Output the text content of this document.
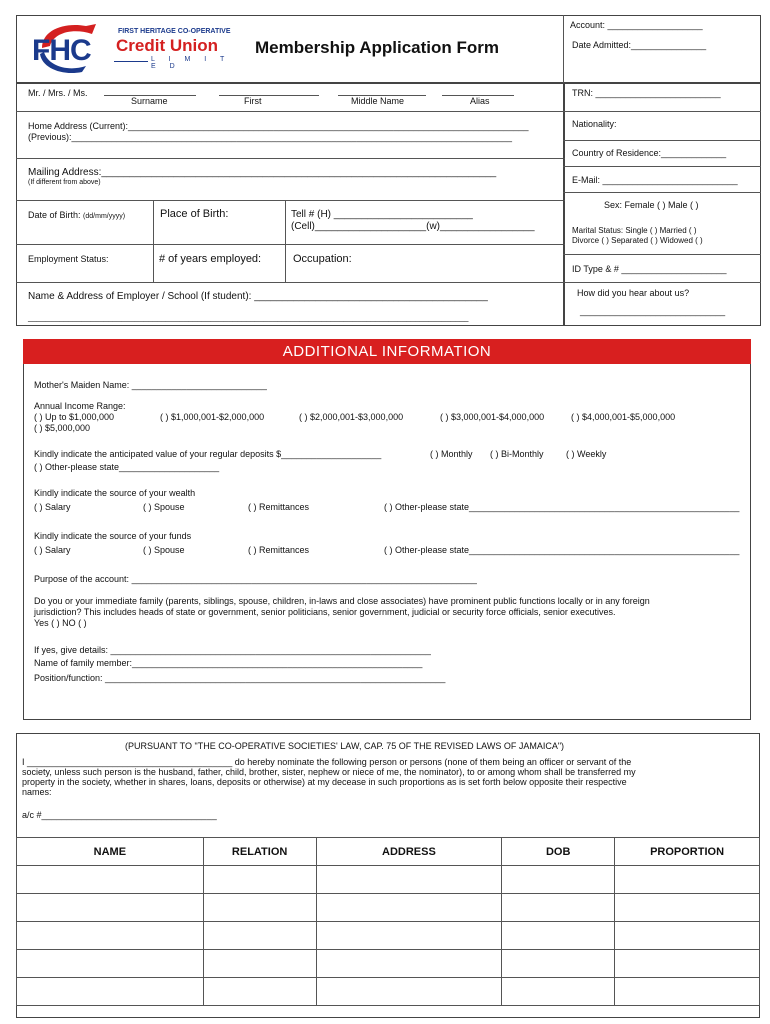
FHC
FIRST HERITAGE CO-OPERATIVE
Credit Union
L I M I T E D
Membership Application Form
Account: ___________________
Date Admitted:_______________
Mr. / Mrs. / Ms.
Surname	First	Middle Name	Alias
Home Address (Current):________________________________________________________________________________
(Previous):________________________________________________________________________________________
Mailing Address:_______________________________________________________________________
(If different from above)
Date of Birth: (dd/mm/yyyy)	Place of Birth:	Tell # (H) _________________________
(Cell)____________________(w)_________________
Employment Status:	# of years employed:	Occupation:
Name & Address of Employer / School (If student): __________________________________________
___________________________________________________________________________________________________
TRN: _________________________
Nationality:
Country of Residence:_____________
E-Mail: ___________________________
Sex: Female ( ) Male ( )
Marital Status: Single ( ) Married ( )
Divorce ( ) Separated ( ) Widowed ( )
ID Type & # _____________________
How did you hear about us?
_____________________________
ADDITIONAL INFORMATION
Mother's Maiden Name: ___________________________
Annual Income Range:
( ) Up to $1,000,000	( ) $1,000,001-$2,000,000	( ) $2,000,001-$3,000,000	( ) $3,000,001-$4,000,000	( ) $4,000,001-$5,000,000
( ) $5,000,000
Kindly indicate the anticipated value of your regular deposits $____________________	( ) Monthly ( ) Bi-Monthly ( ) Weekly
( ) Other-please state____________________
Kindly indicate the source of your wealth
( ) Salary	( ) Spouse	( ) Remittances	( ) Other-please state______________________________________________________
Kindly indicate the source of your funds
( ) Salary	( ) Spouse	( ) Remittances	( ) Other-please state______________________________________________________
Purpose of the account: _____________________________________________________________________
Do you or your immediate family (parents, siblings, spouse, children, in-laws and close associates) have prominent public functions locally or in any foreign
jurisdiction? This includes heads of state or government, senior politicians, senior government, judicial or security force officials, senior executives.
Yes ( ) NO ( )
If yes, give details: ________________________________________________________________
Name of family member:__________________________________________________________
Position/function: ____________________________________________________________________
(PURSUANT TO "THE CO-OPERATIVE SOCIETIES' LAW, CAP. 75 OF THE REVISED LAWS OF JAMAICA")
I _________________________________________ do hereby nominate the following person or persons (none of them being an officer or servant of the
society, unless such person is the husband, father, child, brother, sister, nephew or niece of me, the nominator), to or among whom shall be transferred my
property in the society, whether in shares, loans, deposits or otherwise) at my decease in such proportions as is set forth below opposite their respective
names:
a/c #___________________________________
NAME	RELATION	ADDRESS	DOB	PROPORTION
